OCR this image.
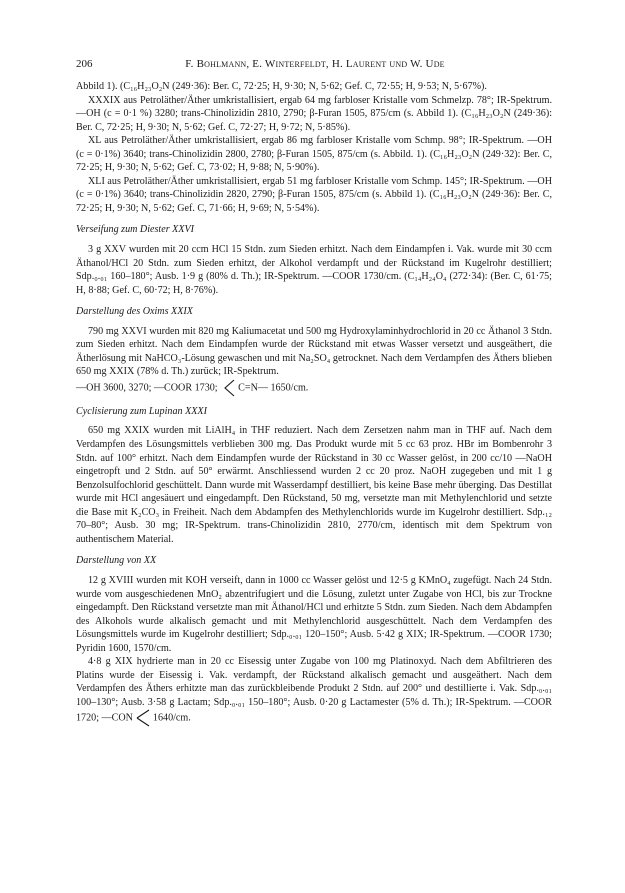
206	F. Bohlmann, E. Winterfeldt, H. Laurent und W. Ude

Abbild 1). (C₁₆H₂₃O₂N (249·36): Ber. C, 72·25; H, 9·30; N, 5·62; Gef. C, 72·55; H, 9·53; N, 5·67%).

XXXIX aus Petroläther/Äther umkristallisiert, ergab 64 mg farbloser Kristalle vom Schmelzp. 78°; IR-Spektrum. —OH (c = 0·1 %) 3280; trans-Chinolizidin 2810, 2790; β-Furan 1505, 875/cm (s. Abbild 1). (C₁₆H₂₃O₂N (249·36): Ber. C, 72·25; H, 9·30; N, 5·62; Gef. C, 72·27; H, 9·72; N, 5·85%).

XL aus Petroläther/Äther umkristallisiert, ergab 86 mg farbloser Kristalle vom Schmp. 98°; IR-Spektrum. —OH (c = 0·1%) 3640; trans-Chinolizidin 2800, 2780; β-Furan 1505, 875/cm (s. Abbild. 1). (C₁₆H₂₃O₂N (249·32): Ber. C, 72·25; H, 9·30; N, 5·62; Gef. C, 73·02; H, 9·88; N, 5·90%).

XLI aus Petroläther/Äther umkristallisiert, ergab 51 mg farbloser Kristalle vom Schmp. 145°; IR-Spektrum. —OH (c = 0·1%) 3640; trans-Chinolizidin 2820, 2790; β-Furan 1505, 875/cm (s. Abbild 1). (C₁₆H₂₃O₂N (249·36): Ber. C, 72·25; H, 9·30; N, 5·62; Gef. C, 71·66; H, 9·69; N, 5·54%).

Verseifung zum Diester XXVI

3 g XXV wurden mit 20 ccm HCl 15 Stdn. zum Sieden erhitzt. Nach dem Eindampfen i. Vak. wurde mit 30 ccm Äthanol/HCl 20 Stdn. zum Sieden erhitzt, der Alkohol verdampft und der Rückstand im Kugelrohr destilliert; Sdp.₀.₀₁ 160–180°; Ausb. 1·9 g (80% d. Th.); IR-Spektrum. —COOR 1730/cm. (C₁₄H₂₄O₄ (272·34): (Ber. C, 61·75; H, 8·88; Gef. C, 60·72; H, 8·76%).

Darstellung des Oxims XXIX

790 mg XXVI wurden mit 820 mg Kaliumacetat und 500 mg Hydroxylaminhydrochlorid in 20 cc Äthanol 3 Stdn. zum Sieden erhitzt. Nach dem Eindampfen wurde der Rückstand mit etwas Wasser versetzt und ausgeäthert, die Ätherlösung mit NaHCO₃-Lösung gewaschen und mit Na₂SO₄ getrocknet. Nach dem Verdampfen des Äthers blieben 650 mg XXIX (78% d. Th.) zurück; IR-Spektrum.

—OH 3600, 3270; —COOR 1730; C=N— 1650/cm.

Cyclisierung zum Lupinan XXXI

650 mg XXIX wurden mit LiAlH₄ in THF reduziert. Nach dem Zersetzen nahm man in THF auf. Nach dem Verdampfen des Lösungsmittels verblieben 300 mg. Das Produkt wurde mit 5 cc 63 proz. HBr im Bombenrohr 3 Stdn. auf 100° erhitzt. Nach dem Eindampfen wurde der Rückstand in 30 cc Wasser gelöst, in 200 cc/10 —NaOH eingetropft und 2 Stdn. auf 50° erwärmt. Anschliessend wurden 2 cc 20 proz. NaOH zugegeben und mit 1 g Benzolsulfochlorid geschüttelt. Dann wurde mit Wasserdampf destilliert, bis keine Base mehr überging. Das Destillat wurde mit HCl angesäuert und eingedampft. Den Rückstand, 50 mg, versetzte man mit Methylenchlorid und setzte die Base mit K₂CO₃ in Freiheit. Nach dem Abdampfen des Methylenchlorids wurde im Kugelrohr destilliert. Sdp.₁₂ 70–80°; Ausb. 30 mg; IR-Spektrum. trans-Chinolizidin 2810, 2770/cm, identisch mit dem Spektrum von authentischem Material.

Darstellung von XX

12 g XVIII wurden mit KOH verseift, dann in 1000 cc Wasser gelöst und 12·5 g KMnO₄ zugefügt. Nach 24 Stdn. wurde vom ausgeschiedenen MnO₂ abzentrifugiert und die Lösung, zuletzt unter Zugabe von HCl, bis zur Trockne eingedampft. Den Rückstand versetzte man mit Äthanol/HCl und erhitzte 5 Stdn. zum Sieden. Nach dem Abdampfen des Alkohols wurde alkalisch gemacht und mit Methylenchlorid ausgeschüttelt. Nach dem Verdampfen des Lösungsmittels wurde im Kugelrohr destilliert; Sdp.₀.₀₁ 120–150°; Ausb. 5·42 g XIX; IR-Spektrum. —COOR 1730; Pyridin 1600, 1570/cm.

4·8 g XIX hydrierte man in 20 cc Eisessig unter Zugabe von 100 mg Platinoxyd. Nach dem Abfiltrieren des Platins wurde der Eisessig i. Vak. verdampft, der Rückstand alkalisch gemacht und ausgeäthert. Nach dem Verdampfen des Äthers erhitzte man das zurückbleibende Produkt 2 Stdn. auf 200° und destillierte i. Vak. Sdp.₀.₀₁ 100–130°; Ausb. 3·58 g Lactam; Sdp.₀.₀₁ 150–180°; Ausb. 0·20 g Lactamester (5% d. Th.); IR-Spektrum. —COOR 1720; —CON 1640/cm.
